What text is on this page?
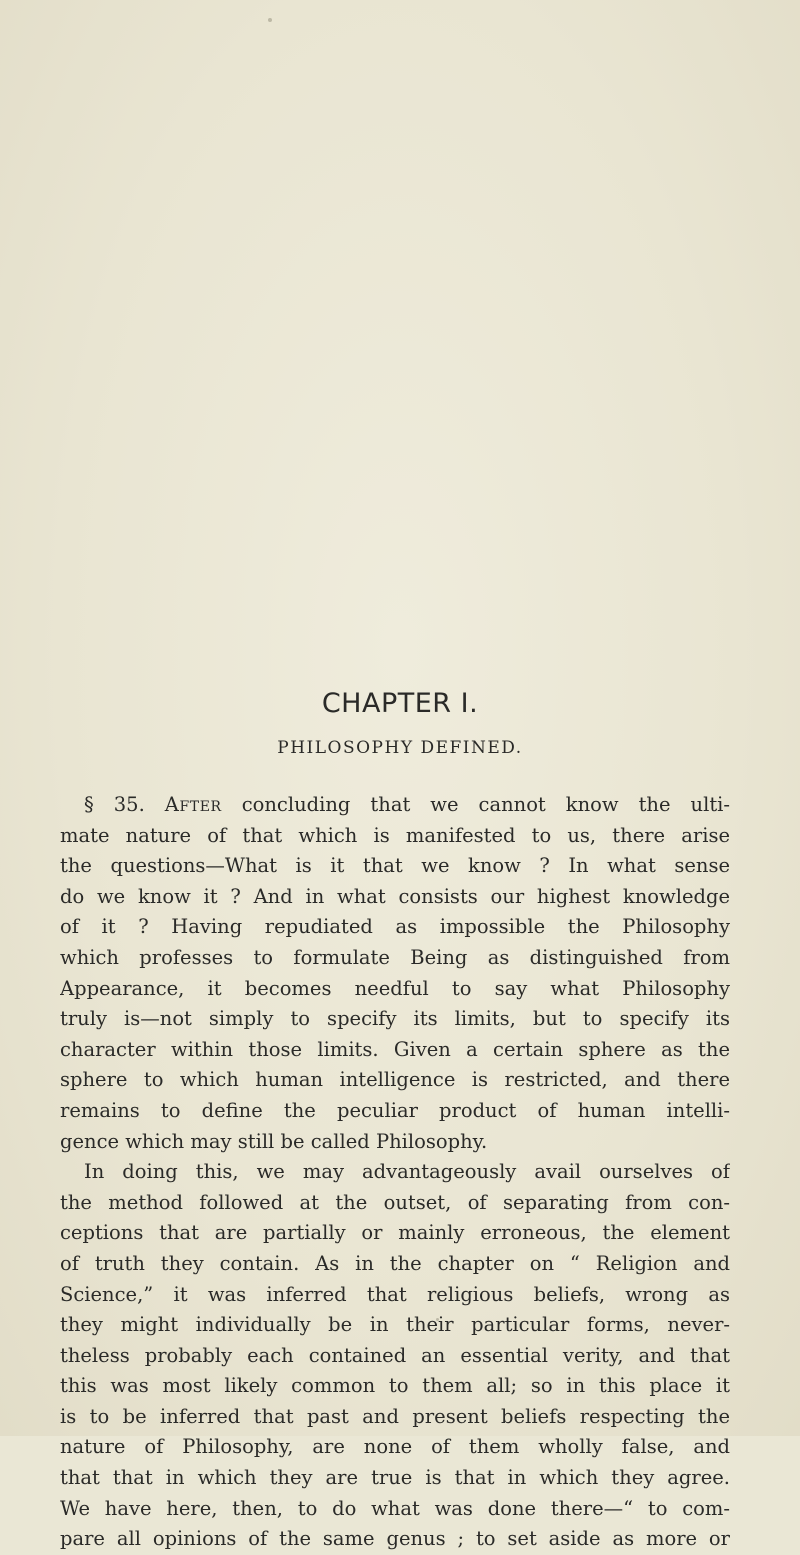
CHAPTER I.
PHILOSOPHY DEFINED.
§ 35. After concluding that we cannot know the ulti-
mate nature of that which is manifested to us, there arise
the questions—What is it that we know ? In what sense
do we know it ? And in what consists our highest knowledge
of it ? Having repudiated as impossible the Philosophy
which professes to formulate Being as distinguished from
Appearance, it becomes needful to say what Philosophy
truly is—not simply to specify its limits, but to specify its
character within those limits. Given a certain sphere as the
sphere to which human intelligence is restricted, and there
remains to define the peculiar product of human intelli-
gence which may still be called Philosophy.
In doing this, we may advantageously avail ourselves of
the method followed at the outset, of separating from con-
ceptions that are partially or mainly erroneous, the element
of truth they contain. As in the chapter on “ Religion and
Science,” it was inferred that religious beliefs, wrong as
they might individually be in their particular forms, never-
theless probably each contained an essential verity, and that
this was most likely common to them all; so in this place it
is to be inferred that past and present beliefs respecting the
nature of Philosophy, are none of them wholly false, and
that that in which they are true is that in which they agree.
We have here, then, to do what was done there—“ to com-
pare all opinions of the same genus ; to set aside as more or
